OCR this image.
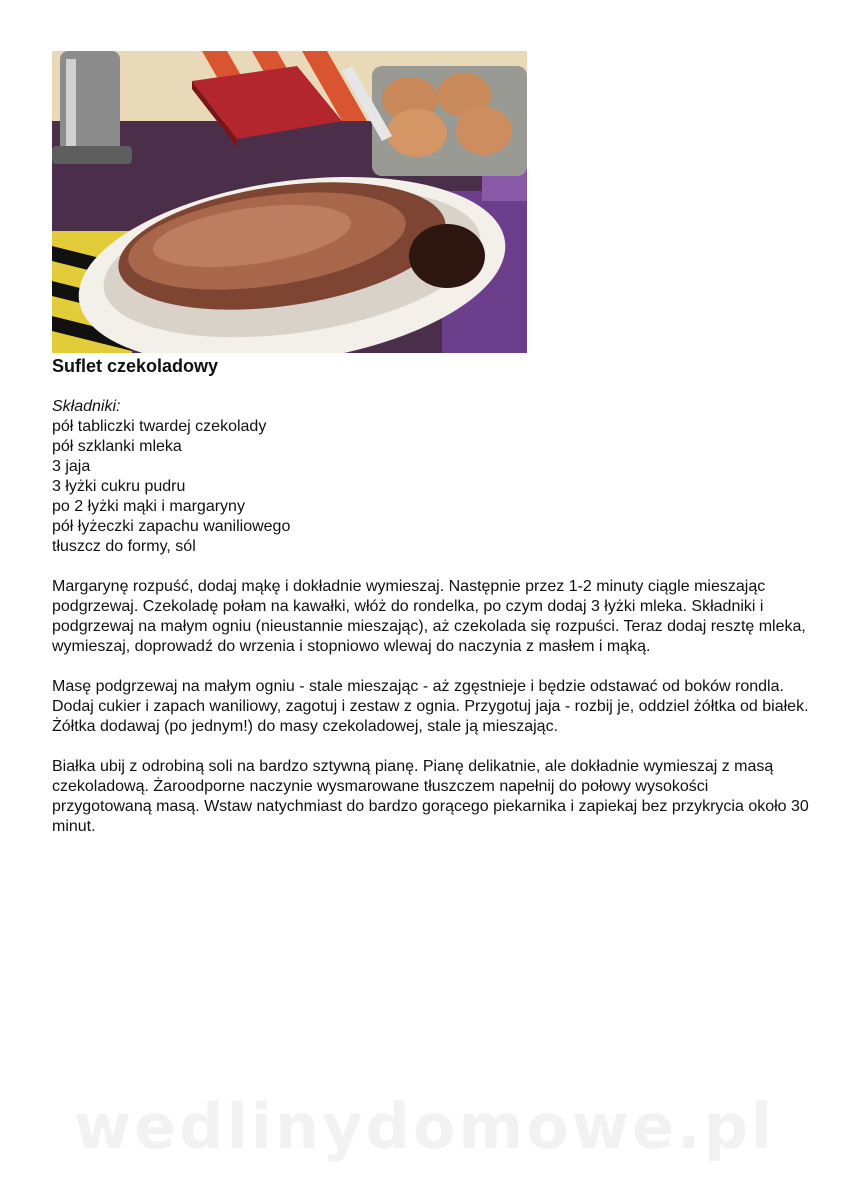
Suflet czekoladowy
Składniki:
pół tabliczki twardej czekolady
pół szklanki mleka
3 jaja
3 łyżki cukru pudru
po 2 łyżki mąki i margaryny
pół łyżeczki zapachu waniliowego
tłuszcz do formy, sól

Margarynę rozpuść, dodaj mąkę i dokładnie wymieszaj. Następnie przez 1-2 minuty ciągle mieszając podgrzewaj. Czekoladę połam na kawałki, włóż do rondelka, po czym dodaj 3 łyżki mleka. Składniki i podgrzewaj na małym ogniu (nieustannie mieszając), aż czekolada się rozpuści. Teraz dodaj resztę mleka, wymieszaj, doprowadź do wrzenia i stopniowo wlewaj do naczynia z masłem i mąką.

Masę podgrzewaj na małym ogniu - stale mieszając - aż zgęstnieje i będzie odstawać od boków rondla. Dodaj cukier i zapach waniliowy, zagotuj i zestaw z ognia. Przygotuj jaja - rozbij je, oddziel żółtka od białek. Żółtka dodawaj (po jednym!) do masy czekoladowej, stale ją mieszając.

Białka ubij z odrobiną soli na bardzo sztywną pianę. Pianę delikatnie, ale dokładnie wymieszaj z masą czekoladową. Żaroodporne naczynie wysmarowane tłuszczem napełnij do połowy wysokości przygotowaną masą. Wstaw natychmiast do bardzo gorącego piekarnika i zapiekaj bez przykrycia około 30 minut.

wedlinydomowe.pl
